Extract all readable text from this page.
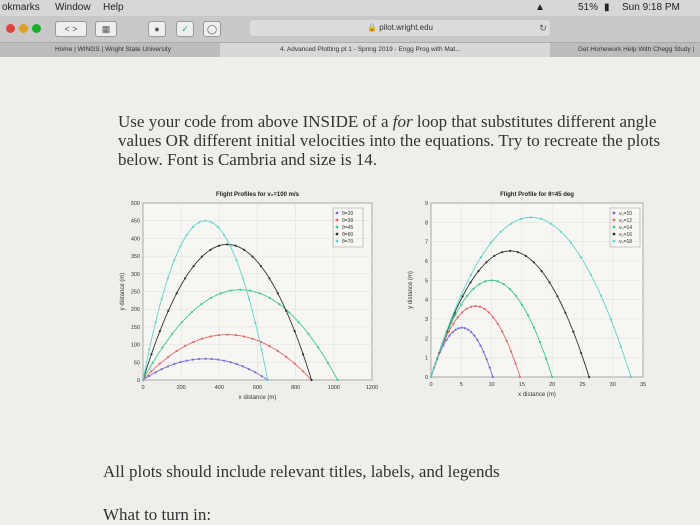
okmarks Window Help	▲	51% ▮ Sun 9:18 PM
< >	▦	●	✓	◯	🔒 pilot.wright.edu	↻
Home | WINGS | Wright State University	4. Advanced Plotting pt 1 - Spring 2019 - Engg Prog with Mat...	Get Homework Help With Chegg Study |
Use your code from above INSIDE of a for loop that substitutes different angle values OR different initial velocities into the equations. Try to recreate the plots below. Font is Cambria and size is 14.
0	200	400	600	800	1000	1200
0
50
100
150
200
250
300
350
400
450
500
Flight Profiles for v₀=100 m/s
x distance (m)
y distance (m)
θ=20
θ=30
θ=45
θ=60
θ=70
0	5	10	15	20	25	30	35
0
1
2
3
4
5
6
7
8
9
Flight Profile for θ=45 deg
x distance (m)
y distance (m)
v₀=10
v₀=12
v₀=14
v₀=16
v₀=18
All plots should include relevant titles, labels, and legends
What to turn in:
